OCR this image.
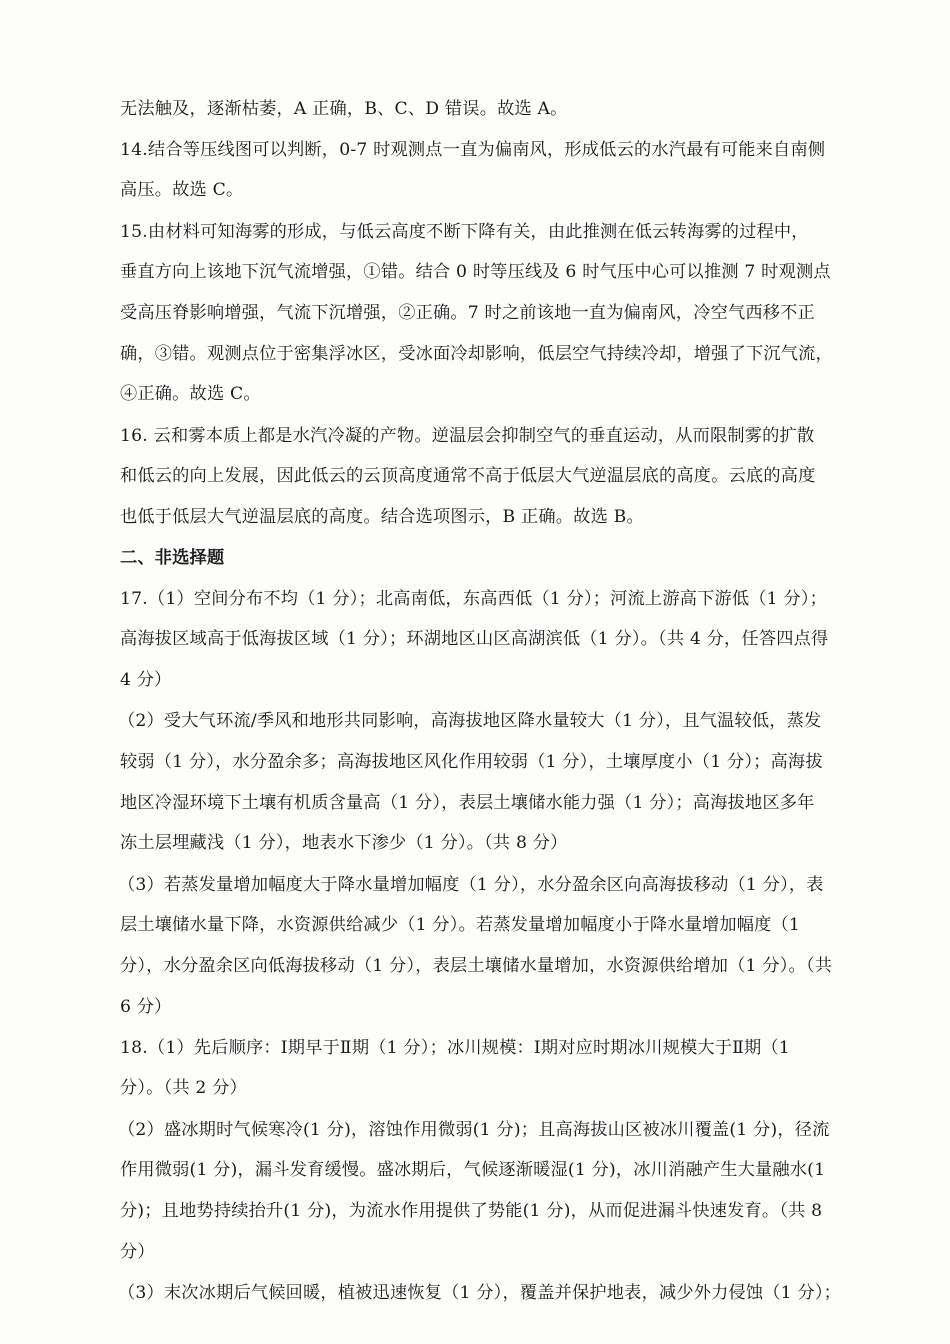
无法触及，逐渐枯萎，A 正确，B、C、D 错误。故选 A。
14.结合等压线图可以判断，0-7 时观测点一直为偏南风，形成低云的水汽最有可能来自南侧
高压。故选 C。
15.由材料可知海雾的形成，与低云高度不断下降有关，由此推测在低云转海雾的过程中，
垂直方向上该地下沉气流增强，①错。结合 0 时等压线及 6 时气压中心可以推测 7 时观测点
受高压脊影响增强，气流下沉增强，②正确。7 时之前该地一直为偏南风，冷空气西移不正
确，③错。观测点位于密集浮冰区，受冰面冷却影响，低层空气持续冷却，增强了下沉气流，
④正确。故选 C。
16. 云和雾本质上都是水汽冷凝的产物。逆温层会抑制空气的垂直运动，从而限制雾的扩散
和低云的向上发展，因此低云的云顶高度通常不高于低层大气逆温层底的高度。云底的高度
也低于低层大气逆温层底的高度。结合选项图示，B 正确。故选 B。
二、非选择题
17.（1）空间分布不均（1 分）；北高南低，东高西低（1 分）；河流上游高下游低（1 分）；
高海拔区域高于低海拔区域（1 分）；环湖地区山区高湖滨低（1 分）。（共 4 分，任答四点得
4 分）
（2）受大气环流/季风和地形共同影响，高海拔地区降水量较大（1 分），且气温较低，蒸发
较弱（1 分），水分盈余多；高海拔地区风化作用较弱（1 分），土壤厚度小（1 分）；高海拔
地区冷湿环境下土壤有机质含量高（1 分），表层土壤储水能力强（1 分）；高海拔地区多年
冻土层埋藏浅（1 分），地表水下渗少（1 分）。（共 8 分）
（3）若蒸发量增加幅度大于降水量增加幅度（1 分），水分盈余区向高海拔移动（1 分），表
层土壤储水量下降，水资源供给减少（1 分）。若蒸发量增加幅度小于降水量增加幅度（1
分），水分盈余区向低海拔移动（1 分），表层土壤储水量增加，水资源供给增加（1 分）。（共
6 分）
18.（1）先后顺序：Ⅰ期早于Ⅱ期（1 分）；冰川规模：Ⅰ期对应时期冰川规模大于Ⅱ期（1
分）。（共 2 分）
（2）盛冰期时气候寒冷(1 分)，溶蚀作用微弱(1 分)；且高海拔山区被冰川覆盖(1 分)，径流
作用微弱(1 分)，漏斗发育缓慢。盛冰期后，气候逐渐暖湿(1 分)，冰川消融产生大量融水(1
分)；且地势持续抬升(1 分)，为流水作用提供了势能(1 分)，从而促进漏斗快速发育。（共 8
分）
（3）末次冰期后气候回暖，植被迅速恢复（1 分），覆盖并保护地表，减少外力侵蚀（1 分）；
